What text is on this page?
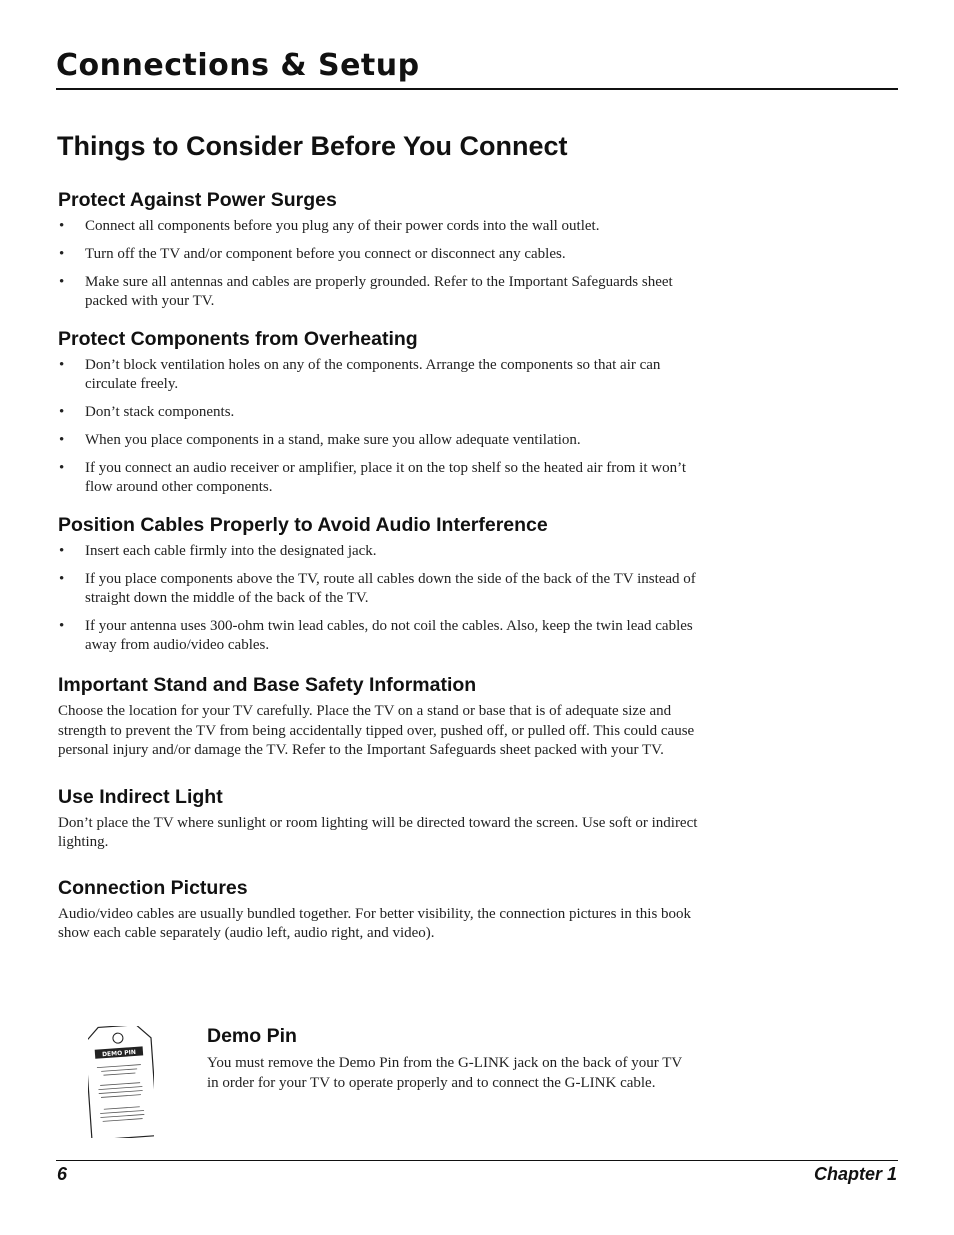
Connections & Setup
Things to Consider Before You Connect
Protect Against Power Surges
• Connect all components before you plug any of their power cords into the wall outlet.
• Turn off the TV and/or component before you connect or disconnect any cables.
• Make sure all antennas and cables are properly grounded. Refer to the Important Safeguards sheet packed with your TV.
Protect Components from Overheating
• Don’t block ventilation holes on any of the components. Arrange the components so that air can circulate freely.
• Don’t stack components.
• When you place components in a stand, make sure you allow adequate ventilation.
• If you connect an audio receiver or amplifier, place it on the top shelf so the heated air from it won’t flow around other components.
Position Cables Properly to Avoid Audio Interference
• Insert each cable firmly into the designated jack.
• If you place components above the TV, route all cables down the side of the back of the TV instead of straight down the middle of the back of the TV.
• If your antenna uses 300-ohm twin lead cables, do not coil the cables. Also, keep the twin lead cables away from audio/video cables.
Important Stand and Base Safety Information

Choose the location for your TV carefully. Place the TV on a stand or base that is of adequate size and strength to prevent the TV from being accidentally tipped over, pushed off, or pulled off. This could cause personal injury and/or damage the TV. Refer to the Important Safeguards sheet packed with your TV.

Use Indirect Light

Don’t place the TV where sunlight or room lighting will be directed toward the screen. Use soft or indirect lighting.

Connection Pictures

Audio/video cables are usually bundled together. For better visibility, the connection pictures in this book show each cable separately (audio left, audio right, and video).

DEMO PIN
Demo Pin

You must remove the Demo Pin from the G-LINK jack on the back of your TV in order for your TV to operate properly and to connect the G-LINK cable.

6	Chapter 1
